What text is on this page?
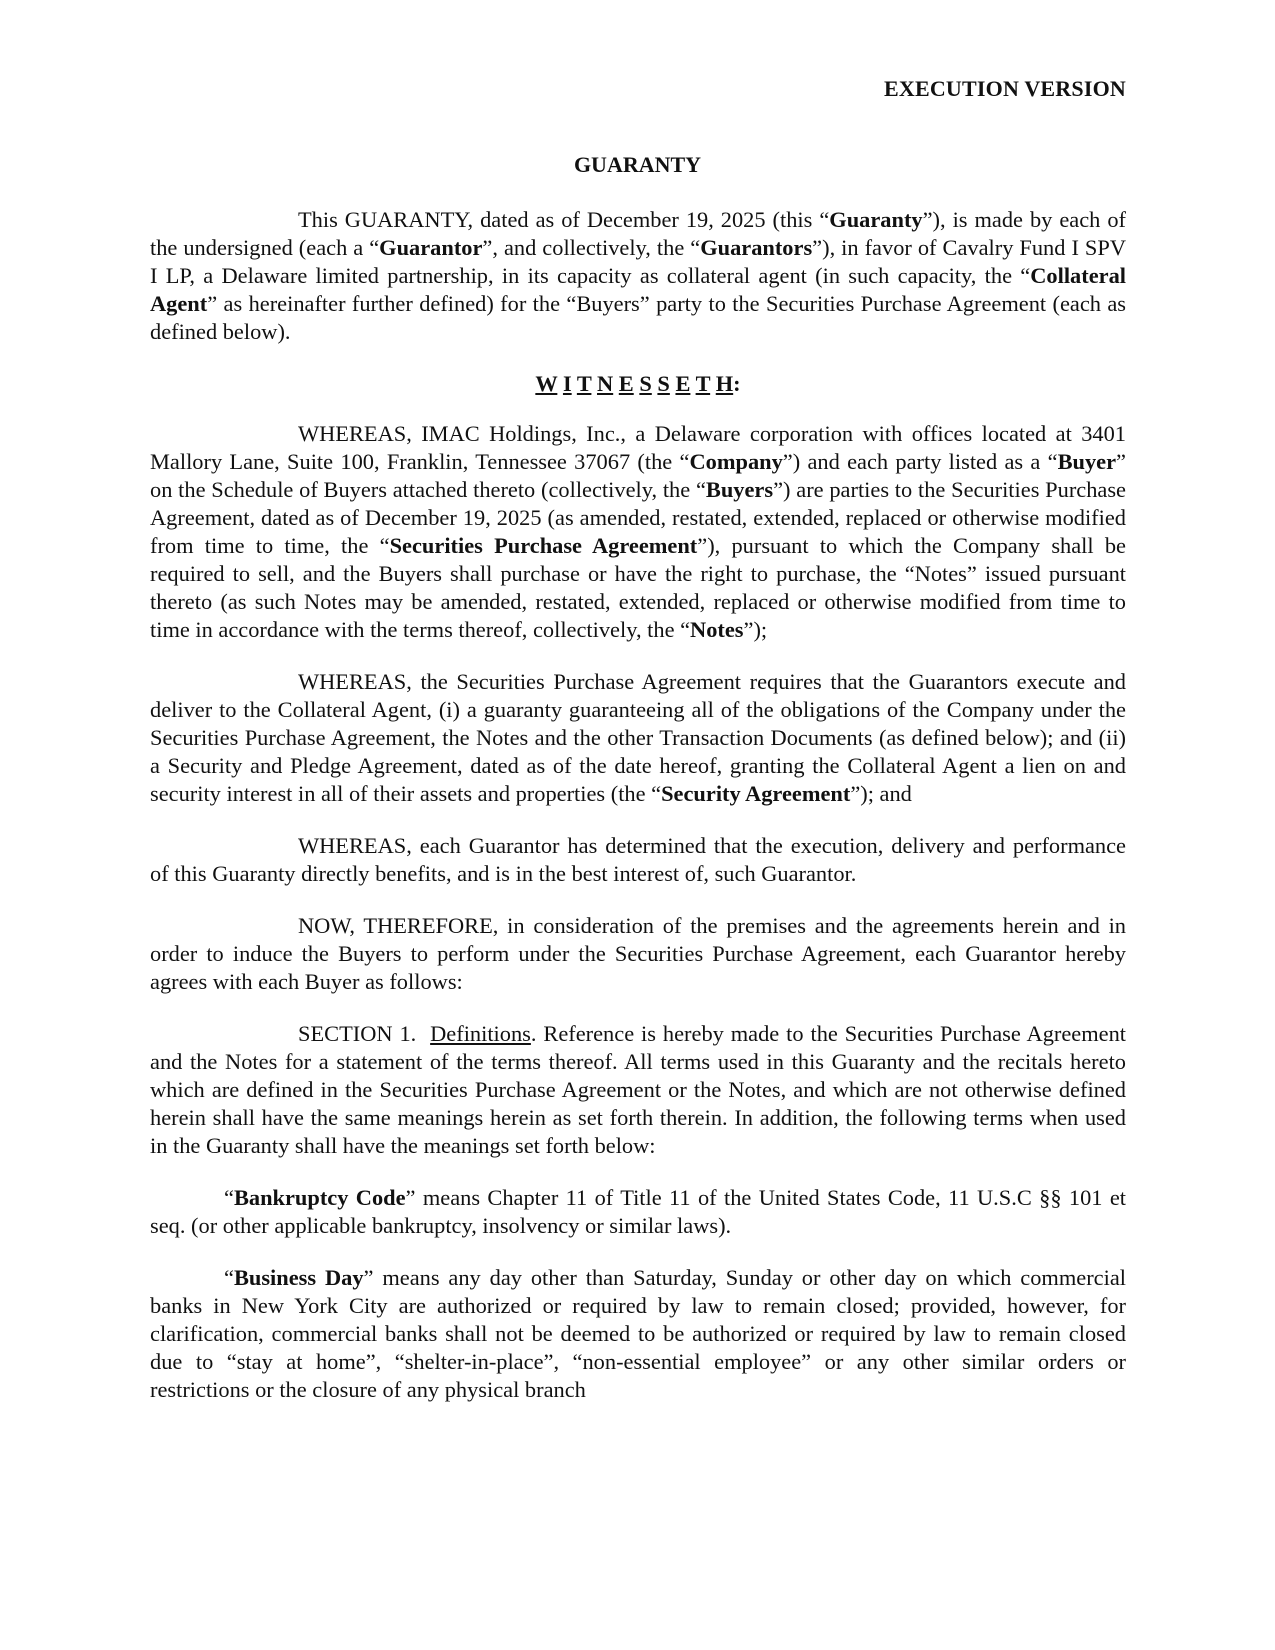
EXECUTION VERSION
GUARANTY

This GUARANTY, dated as of December 19, 2025 (this “Guaranty”), is made by each of the undersigned (each a “Guarantor”, and collectively, the “Guarantors”), in favor of Cavalry Fund I SPV I LP, a Delaware limited partnership, in its capacity as collateral agent (in such capacity, the “Collateral Agent” as hereinafter further defined) for the “Buyers” party to the Securities Purchase Agreement (each as defined below).

W I T N E S S E T H:

WHEREAS, IMAC Holdings, Inc., a Delaware corporation with offices located at 3401 Mallory Lane, Suite 100, Franklin, Tennessee 37067 (the “Company”) and each party listed as a “Buyer” on the Schedule of Buyers attached thereto (collectively, the “Buyers”) are parties to the Securities Purchase Agreement, dated as of December 19, 2025 (as amended, restated, extended, replaced or otherwise modified from time to time, the “Securities Purchase Agreement”), pursuant to which the Company shall be required to sell, and the Buyers shall purchase or have the right to purchase, the “Notes” issued pursuant thereto (as such Notes may be amended, restated, extended, replaced or otherwise modified from time to time in accordance with the terms thereof, collectively, the “Notes”);

WHEREAS, the Securities Purchase Agreement requires that the Guarantors execute and deliver to the Collateral Agent, (i) a guaranty guaranteeing all of the obligations of the Company under the Securities Purchase Agreement, the Notes and the other Transaction Documents (as defined below); and (ii) a Security and Pledge Agreement, dated as of the date hereof, granting the Collateral Agent a lien on and security interest in all of their assets and properties (the “Security Agreement”); and

WHEREAS, each Guarantor has determined that the execution, delivery and performance of this Guaranty directly benefits, and is in the best interest of, such Guarantor.

NOW, THEREFORE, in consideration of the premises and the agreements herein and in order to induce the Buyers to perform under the Securities Purchase Agreement, each Guarantor hereby agrees with each Buyer as follows:

SECTION 1. Definitions. Reference is hereby made to the Securities Purchase Agreement and the Notes for a statement of the terms thereof. All terms used in this Guaranty and the recitals hereto which are defined in the Securities Purchase Agreement or the Notes, and which are not otherwise defined herein shall have the same meanings herein as set forth therein. In addition, the following terms when used in the Guaranty shall have the meanings set forth below:

“Bankruptcy Code” means Chapter 11 of Title 11 of the United States Code, 11 U.S.C §§ 101 et seq. (or other applicable bankruptcy, insolvency or similar laws).

“Business Day” means any day other than Saturday, Sunday or other day on which commercial banks in New York City are authorized or required by law to remain closed; provided, however, for clarification, commercial banks shall not be deemed to be authorized or required by law to remain closed due to “stay at home”, “shelter-in-place”, “non-essential employee” or any other similar orders or restrictions or the closure of any physical branch
